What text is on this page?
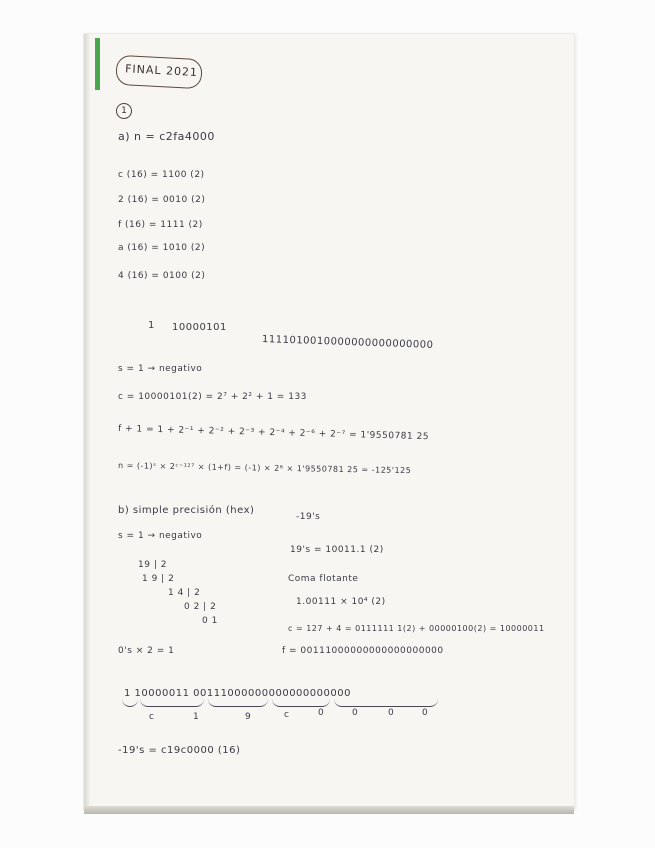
FINAL 2021
1
a) n = c2fa4000
c (16) = 1100 (2)
2 (16) = 0010 (2)
f (16) = 1111 (2)
a (16) = 1010 (2)
4 (16) = 0100 (2)
1 10000101
1111010010000000000000000
s = 1 → negativo
c = 10000101(2) = 2⁷ + 2² + 1 = 133
f + 1 = 1 + 2⁻¹ + 2⁻² + 2⁻³ + 2⁻⁴ + 2⁻⁶ + 2⁻⁷ = 1'9550781 25
n = (-1)ˢ × 2ᶜ⁻¹²⁷ × (1+f) = (-1) × 2⁶ × 1'9550781 25 = -125'125
b) simple precisión (hex)
-19's
s = 1 → negativo
19's = 10011.1 (2)
19 | 2
1 9 | 2
1 4 | 2
0 2 | 2
0 1
Coma flotante
1.00111 × 10⁴ (2)
c = 127 + 4 = 0111111 1(2) + 00000100(2) = 10000011
0's × 2 = 1	f = 00111000000000000000000
1 10000011 00111000000000000000000
c	1	9	c	0	0	0	0
-19's = c19c0000 (16)
